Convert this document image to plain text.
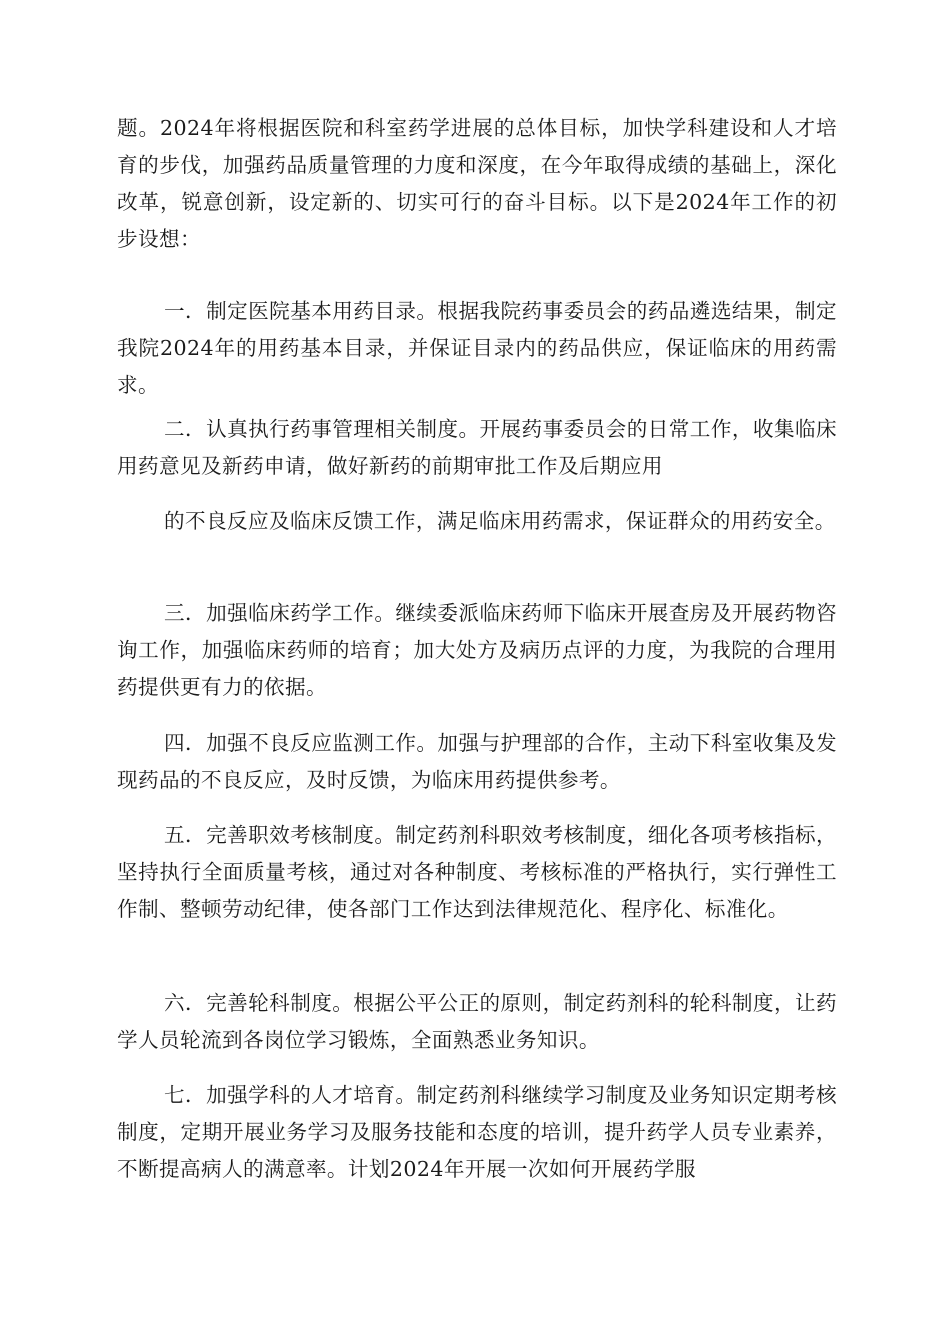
题。2024年将根据医院和科室药学进展的总体目标，加快学科建设和人才培育的步伐，加强药品质量管理的力度和深度，在今年取得成绩的基础上，深化改革，锐意创新，设定新的、切实可行的奋斗目标。以下是2024年工作的初步设想：

一．制定医院基本用药目录。根据我院药事委员会的药品遴选结果，制定我院2024年的用药基本目录，并保证目录内的药品供应，保证临床的用药需求。

二．认真执行药事管理相关制度。开展药事委员会的日常工作，收集临床用药意见及新药申请，做好新药的前期审批工作及后期应用

的不良反应及临床反馈工作，满足临床用药需求，保证群众的用药安全。

三．加强临床药学工作。继续委派临床药师下临床开展查房及开展药物咨询工作，加强临床药师的培育；加大处方及病历点评的力度，为我院的合理用药提供更有力的依据。

四．加强不良反应监测工作。加强与护理部的合作，主动下科室收集及发现药品的不良反应，及时反馈，为临床用药提供参考。

五．完善职效考核制度。制定药剂科职效考核制度，细化各项考核指标，坚持执行全面质量考核，通过对各种制度、考核标准的严格执行，实行弹性工作制、整顿劳动纪律，使各部门工作达到法律规范化、程序化、标准化。

六．完善轮科制度。根据公平公正的原则，制定药剂科的轮科制度，让药学人员轮流到各岗位学习锻炼，全面熟悉业务知识。

七．加强学科的人才培育。制定药剂科继续学习制度及业务知识定期考核制度，定期开展业务学习及服务技能和态度的培训，提升药学人员专业素养，不断提高病人的满意率。计划2024年开展一次如何开展药学服
